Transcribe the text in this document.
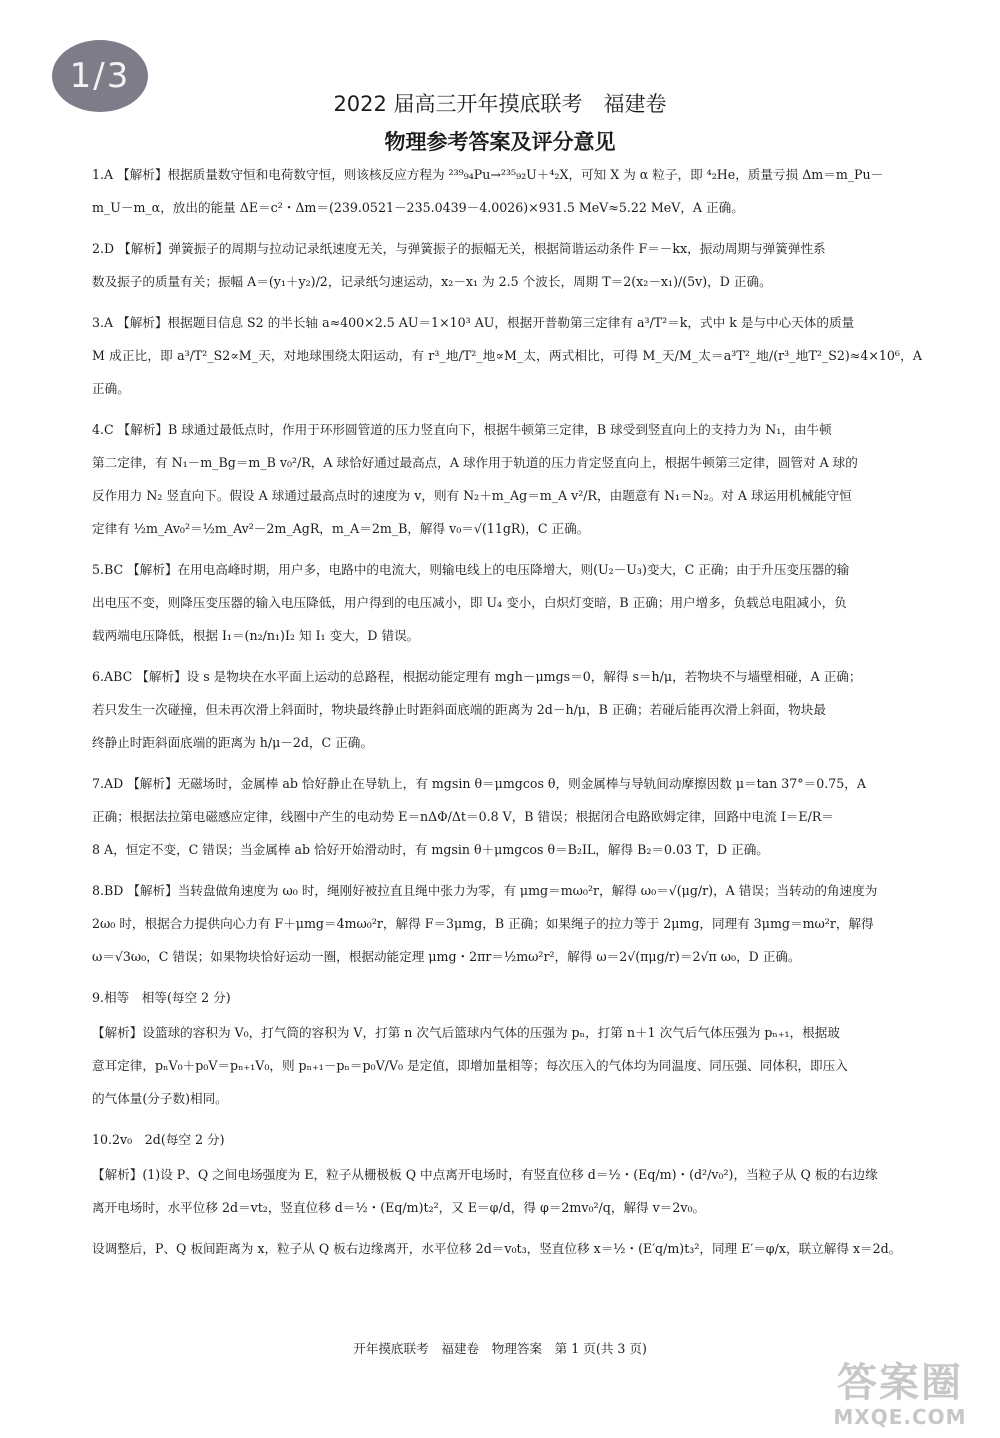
1/3
2022 届高三开年摸底联考　福建卷
物理参考答案及评分意见
1.A 【解析】根据质量数守恒和电荷数守恒，则该核反应方程为 ²³⁹₉₄Pu→²³⁵₉₂U＋⁴₂X，可知 X 为 α 粒子，即 ⁴₂He，质量亏损 Δm＝m_Pu－
m_U－m_α，放出的能量 ΔE＝c²・Δm＝(239.0521－235.0439－4.0026)×931.5 MeV≈5.22 MeV，A 正确。
2.D 【解析】弹簧振子的周期与拉动记录纸速度无关，与弹簧振子的振幅无关，根据简谐运动条件 F＝－kx，振动周期与弹簧弹性系
数及振子的质量有关；振幅 A＝(y₁＋y₂)/2，记录纸匀速运动，x₂－x₁ 为 2.5 个波长，周期 T＝2(x₂－x₁)/(5v)，D 正确。
3.A 【解析】根据题目信息 S2 的半长轴 a≈400×2.5 AU＝1×10³ AU，根据开普勒第三定律有 a³/T²＝k，式中 k 是与中心天体的质量
M 成正比，即 a³/T²_S2∝M_天，对地球围绕太阳运动，有 r³_地/T²_地∝M_太，两式相比，可得 M_天/M_太＝a³T²_地/(r³_地T²_S2)≈4×10⁶，A 正确。
4.C 【解析】B 球通过最低点时，作用于环形圆管道的压力竖直向下，根据牛顿第三定律，B 球受到竖直向上的支持力为 N₁，由牛顿
第二定律，有 N₁－m_Bg＝m_B v₀²/R，A 球恰好通过最高点，A 球作用于轨道的压力肯定竖直向上，根据牛顿第三定律，圆管对 A 球的
反作用力 N₂ 竖直向下。假设 A 球通过最高点时的速度为 v，则有 N₂＋m_Ag＝m_A v²/R，由题意有 N₁＝N₂。对 A 球运用机械能守恒
定律有 ½m_Av₀²＝½m_Av²－2m_AgR，m_A＝2m_B，解得 v₀＝√(11gR)，C 正确。
5.BC 【解析】在用电高峰时期，用户多，电路中的电流大，则输电线上的电压降增大，则(U₂－U₃)变大，C 正确；由于升压变压器的输
出电压不变，则降压变压器的输入电压降低，用户得到的电压减小，即 U₄ 变小，白炽灯变暗，B 正确；用户增多，负载总电阻减小，负
载两端电压降低，根据 I₁＝(n₂/n₁)I₂ 知 I₁ 变大，D 错误。
6.ABC 【解析】设 s 是物块在水平面上运动的总路程，根据动能定理有 mgh－μmgs＝0，解得 s＝h/μ，若物块不与墙壁相碰，A 正确；
若只发生一次碰撞，但未再次滑上斜面时，物块最终静止时距斜面底端的距离为 2d－h/μ，B 正确；若碰后能再次滑上斜面，物块最
终静止时距斜面底端的距离为 h/μ－2d，C 正确。
7.AD 【解析】无磁场时，金属棒 ab 恰好静止在导轨上，有 mgsin θ＝μmgcos θ，则金属棒与导轨间动摩擦因数 μ＝tan 37°＝0.75，A
正确；根据法拉第电磁感应定律，线圈中产生的电动势 E＝nΔΦ/Δt＝0.8 V，B 错误；根据闭合电路欧姆定律，回路中电流 I＝E/R＝
8 A，恒定不变，C 错误；当金属棒 ab 恰好开始滑动时，有 mgsin θ＋μmgcos θ＝B₂IL，解得 B₂＝0.03 T，D 正确。
8.BD 【解析】当转盘做角速度为 ω₀ 时，绳刚好被拉直且绳中张力为零，有 μmg＝mω₀²r，解得 ω₀＝√(μg/r)，A 错误；当转动的角速度为
2ω₀ 时，根据合力提供向心力有 F＋μmg＝4mω₀²r，解得 F＝3μmg，B 正确；如果绳子的拉力等于 2μmg，同理有 3μmg＝mω²r，解得
ω＝√3ω₀，C 错误；如果物块恰好运动一圈，根据动能定理 μmg・2πr＝½mω²r²，解得 ω＝2√(πμg/r)＝2√π ω₀，D 正确。
9.相等　相等(每空 2 分)
【解析】设篮球的容积为 V₀，打气筒的容积为 V，打第 n 次气后篮球内气体的压强为 pₙ，打第 n＋1 次气后气体压强为 pₙ₊₁，根据玻
意耳定律，pₙV₀＋p₀V＝pₙ₊₁V₀，则 pₙ₊₁－pₙ＝p₀V/V₀ 是定值，即增加量相等；每次压入的气体均为同温度、同压强、同体积，即压入
的气体量(分子数)相同。
10.2v₀　2d(每空 2 分)
【解析】(1)设 P、Q 之间电场强度为 E，粒子从栅极板 Q 中点离开电场时，有竖直位移 d＝½・(Eq/m)・(d²/v₀²)，当粒子从 Q 板的右边缘
离开电场时，水平位移 2d＝vt₂，竖直位移 d＝½・(Eq/m)t₂²，又 E＝φ/d，得 φ＝2mv₀²/q，解得 v＝2v₀。
设调整后，P、Q 板间距离为 x，粒子从 Q 板右边缘离开，水平位移 2d＝v₀t₃，竖直位移 x＝½・(E′q/m)t₃²，同理 E′＝φ/x，联立解得 x＝2d。
开年摸底联考　福建卷　物理答案　第 1 页(共 3 页)
答案圈
MXQE.COM
